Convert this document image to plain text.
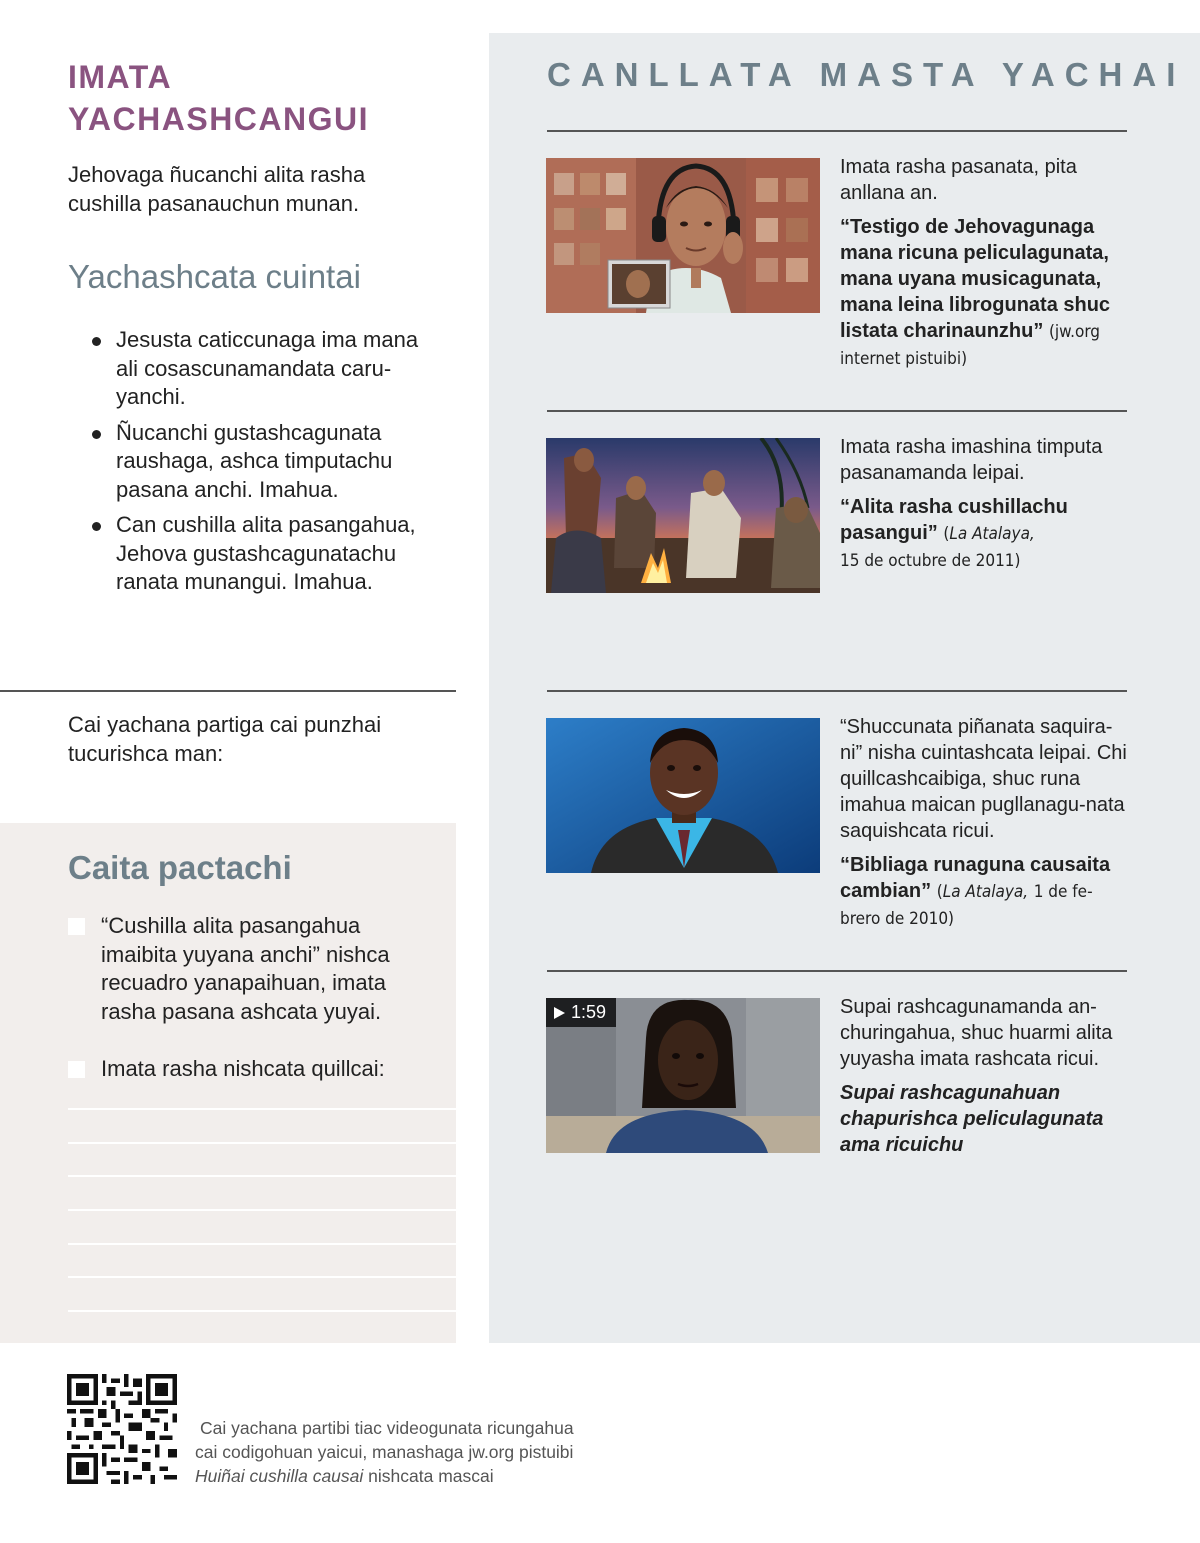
IMATA YACHASHCANGUI

Jehovaga ñucanchi alita rasha cushilla pasanauchun munan.

Yachashcata cuintai
Jesusta caticcunaga ima mana ali cosascunamandata caru-yanchi.
Ñucanchi gustashcagunata raushaga, ashca timputachu pasana anchi. Imahua.
Can cushilla alita pasangahua, Jehova gustashcagunatachu ranata munangui. Imahua.

Cai yachana partiga cai punzhai tucurishca man:

Caita pactachi
“Cushilla alita pasangahua imaibita yuyana anchi” nishca recuadro yanapaihuan, imata rasha pasana ashcata yuyai.
Imata rasha nishcata quillcai:
CANLLATA MASTA YACHAI

Imata rasha pasanata, pita anllana an.

“Testigo de Jehovagunaga mana ricuna peliculagunata, mana uyana musicagunata, mana leina librogunata shuc listata charinaunzhu” (jw.org internet pistuibi)

Imata rasha imashina timputa pasanamanda leipai.

“Alita rasha cushillachu pasangui” (La Atalaya,
15 de octubre de 2011)

“Shuccunata piñanata saquira-ni” nisha cuintashcata leipai. Chi quillcashcaibiga, shuc runa imahua maican pugllanagu-nata saquishcata ricui.

“Bibliaga runaguna causaita cambian” (La Atalaya, 1 de fe-brero de 2010)

1:59	Supai rashcagunamanda an-churingahua, shuc huarmi alita yuyasha imata rashcata ricui.

Supai rashcagunahuan chapurishca peliculagunata ama ricuichu

Cai yachana partibi tiac videogunata ricungahua
cai codigohuan yaicui, manashaga jw.org pistuibi
Huiñai cushilla causai nishcata mascai
